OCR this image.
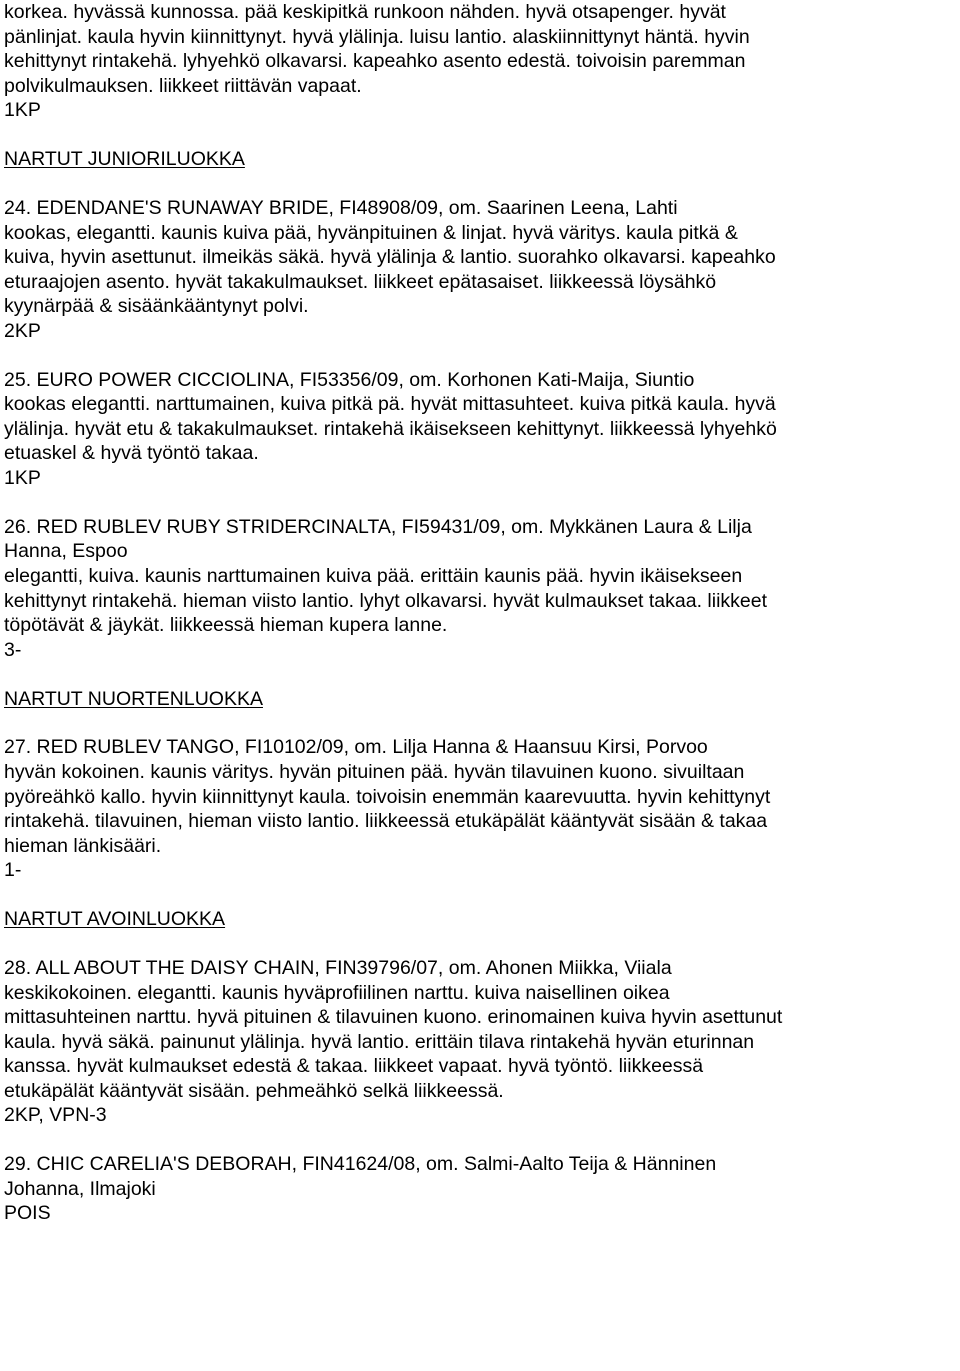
korkea. hyvässä kunnossa. pää keskipitkä runkoon nähden. hyvä otsapenger. hyvät
pänlinjat. kaula hyvin kiinnittynyt. hyvä ylälinja. luisu lantio. alaskiinnittynyt häntä. hyvin
kehittynyt rintakehä. lyhyehkö olkavarsi. kapeahko asento edestä. toivoisin paremman
polvikulmauksen. liikkeet riittävän vapaat.
1KP
NARTUT JUNIORILUOKKA
24. EDENDANE'S RUNAWAY BRIDE, FI48908/09, om. Saarinen Leena, Lahti
kookas, elegantti. kaunis kuiva pää, hyvänpituinen & linjat. hyvä väritys. kaula pitkä &
kuiva, hyvin asettunut. ilmeikäs säkä. hyvä ylälinja & lantio. suorahko olkavarsi. kapeahko
eturaajojen asento. hyvät takakulmaukset. liikkeet epätasaiset. liikkeessä löysähkö
kyynärpää & sisäänkääntynyt polvi.
2KP
25. EURO POWER CICCIOLINA, FI53356/09, om. Korhonen Kati-Maija, Siuntio
kookas elegantti. narttumainen, kuiva pitkä pä. hyvät mittasuhteet. kuiva pitkä kaula. hyvä
ylälinja. hyvät etu & takakulmaukset. rintakehä ikäisekseen kehittynyt. liikkeessä lyhyehkö
etuaskel & hyvä työntö takaa.
1KP
26. RED RUBLEV RUBY STRIDERCINALTA, FI59431/09, om. Mykkänen Laura & Lilja
Hanna, Espoo
elegantti, kuiva. kaunis narttumainen kuiva pää. erittäin kaunis pää. hyvin ikäisekseen
kehittynyt rintakehä. hieman viisto lantio. lyhyt olkavarsi. hyvät kulmaukset takaa. liikkeet
töpötävät & jäykät. liikkeessä hieman kupera lanne.
3-
NARTUT NUORTENLUOKKA
27. RED RUBLEV TANGO, FI10102/09, om. Lilja Hanna & Haansuu Kirsi, Porvoo
hyvän kokoinen. kaunis väritys. hyvän pituinen pää. hyvän tilavuinen kuono. sivuiltaan
pyöreähkö kallo. hyvin kiinnittynyt kaula. toivoisin enemmän kaarevuutta. hyvin kehittynyt
rintakehä. tilavuinen, hieman viisto lantio. liikkeessä etukäpälät kääntyvät sisään & takaa
hieman länkisääri.
1-
NARTUT AVOINLUOKKA
28. ALL ABOUT THE DAISY CHAIN, FIN39796/07, om. Ahonen Miikka, Viiala
keskikokoinen. elegantti. kaunis hyväprofiilinen narttu. kuiva naisellinen oikea
mittasuhteinen narttu. hyvä pituinen & tilavuinen kuono. erinomainen kuiva hyvin asettunut
kaula. hyvä säkä. painunut ylälinja. hyvä lantio. erittäin tilava rintakehä hyvän eturinnan
kanssa. hyvät kulmaukset edestä & takaa. liikkeet vapaat. hyvä työntö. liikkeessä
etukäpälät kääntyvät sisään. pehmeähkö selkä liikkeessä.
2KP, VPN-3
29. CHIC CARELIA'S DEBORAH, FIN41624/08, om. Salmi-Aalto Teija & Hänninen
Johanna, Ilmajoki
POIS
